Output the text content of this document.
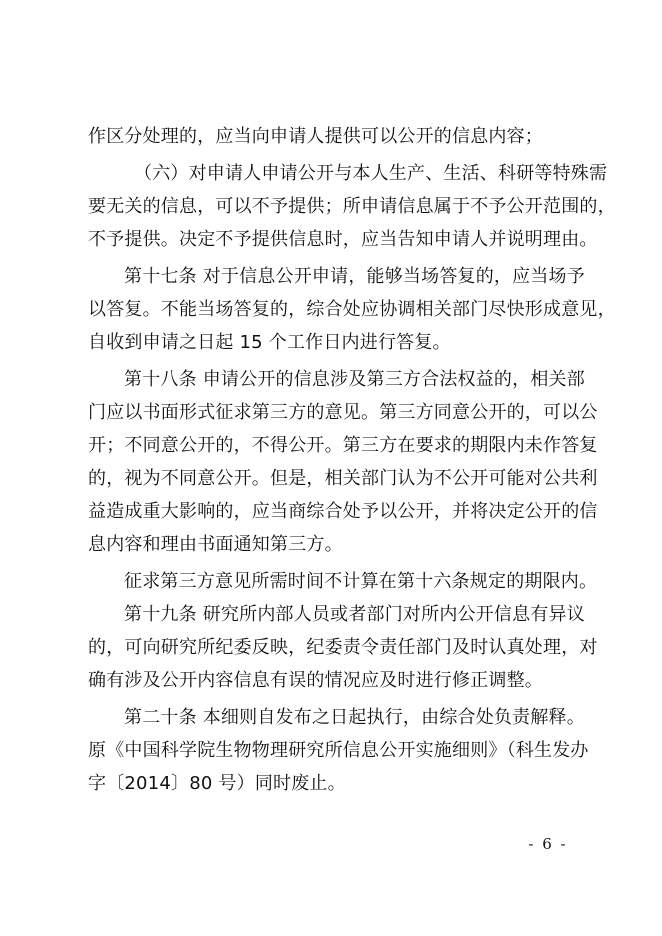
作区分处理的，应当向申请人提供可以公开的信息内容；
（六）对申请人申请公开与本人生产、生活、科研等特殊需
要无关的信息，可以不予提供；所申请信息属于不予公开范围的，
不予提供。决定不予提供信息时，应当告知申请人并说明理由。
第十七条 对于信息公开申请，能够当场答复的，应当场予
以答复。不能当场答复的，综合处应协调相关部门尽快形成意见，
自收到申请之日起 15 个工作日内进行答复。
第十八条 申请公开的信息涉及第三方合法权益的，相关部
门应以书面形式征求第三方的意见。第三方同意公开的，可以公
开；不同意公开的，不得公开。第三方在要求的期限内未作答复
的，视为不同意公开。但是，相关部门认为不公开可能对公共利
益造成重大影响的，应当商综合处予以公开，并将决定公开的信
息内容和理由书面通知第三方。
征求第三方意见所需时间不计算在第十六条规定的期限内。
第十九条 研究所内部人员或者部门对所内公开信息有异议
的，可向研究所纪委反映，纪委责令责任部门及时认真处理，对
确有涉及公开内容信息有误的情况应及时进行修正调整。
第二十条 本细则自发布之日起执行，由综合处负责解释。
原《中国科学院生物物理研究所信息公开实施细则》（科生发办
字〔2014〕80 号）同时废止。
- 6 -
